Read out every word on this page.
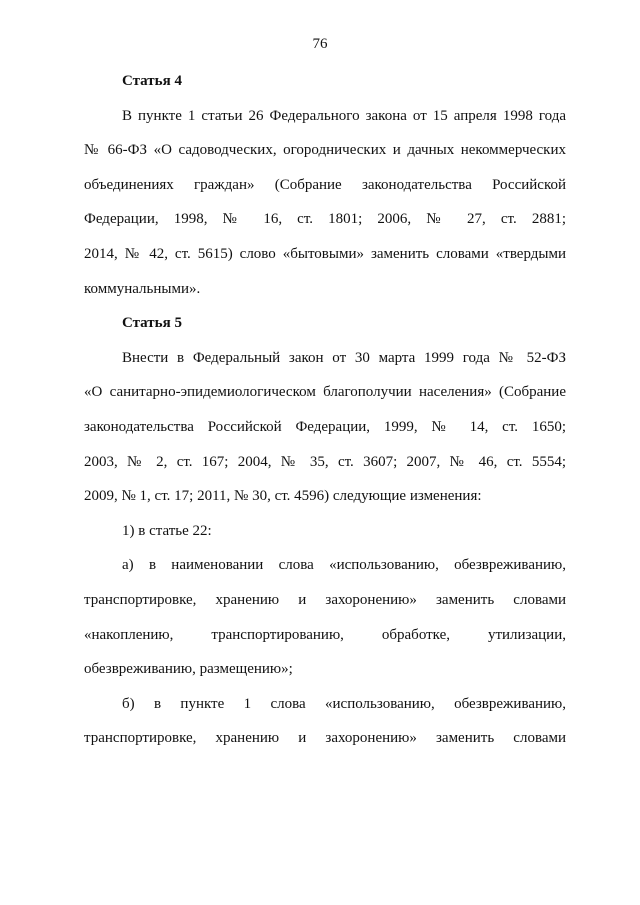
76
Статья 4
В пункте 1 статьи 26 Федерального закона от 15 апреля 1998 года
№ 66-ФЗ «О садоводческих, огороднических и дачных некоммерческих
объединениях граждан» (Собрание законодательства Российской
Федерации, 1998, № 16, ст. 1801; 2006, № 27, ст. 2881;
2014, № 42, ст. 5615) слово «бытовыми» заменить словами «твердыми
коммунальными».
Статья 5
Внести в Федеральный закон от 30 марта 1999 года № 52-ФЗ
«О санитарно-эпидемиологическом благополучии населения» (Собрание
законодательства Российской Федерации, 1999, № 14, ст. 1650;
2003, № 2, ст. 167; 2004, № 35, ст. 3607; 2007, № 46, ст. 5554;
2009, № 1, ст. 17; 2011, № 30, ст. 4596) следующие изменения:
1) в статье 22:
а) в наименовании слова «использованию, обезвреживанию,
транспортировке, хранению и захоронению» заменить словами
«накоплению, транспортированию, обработке, утилизации,
обезвреживанию, размещению»;
б) в пункте 1 слова «использованию, обезвреживанию,
транспортировке, хранению и захоронению» заменить словами
